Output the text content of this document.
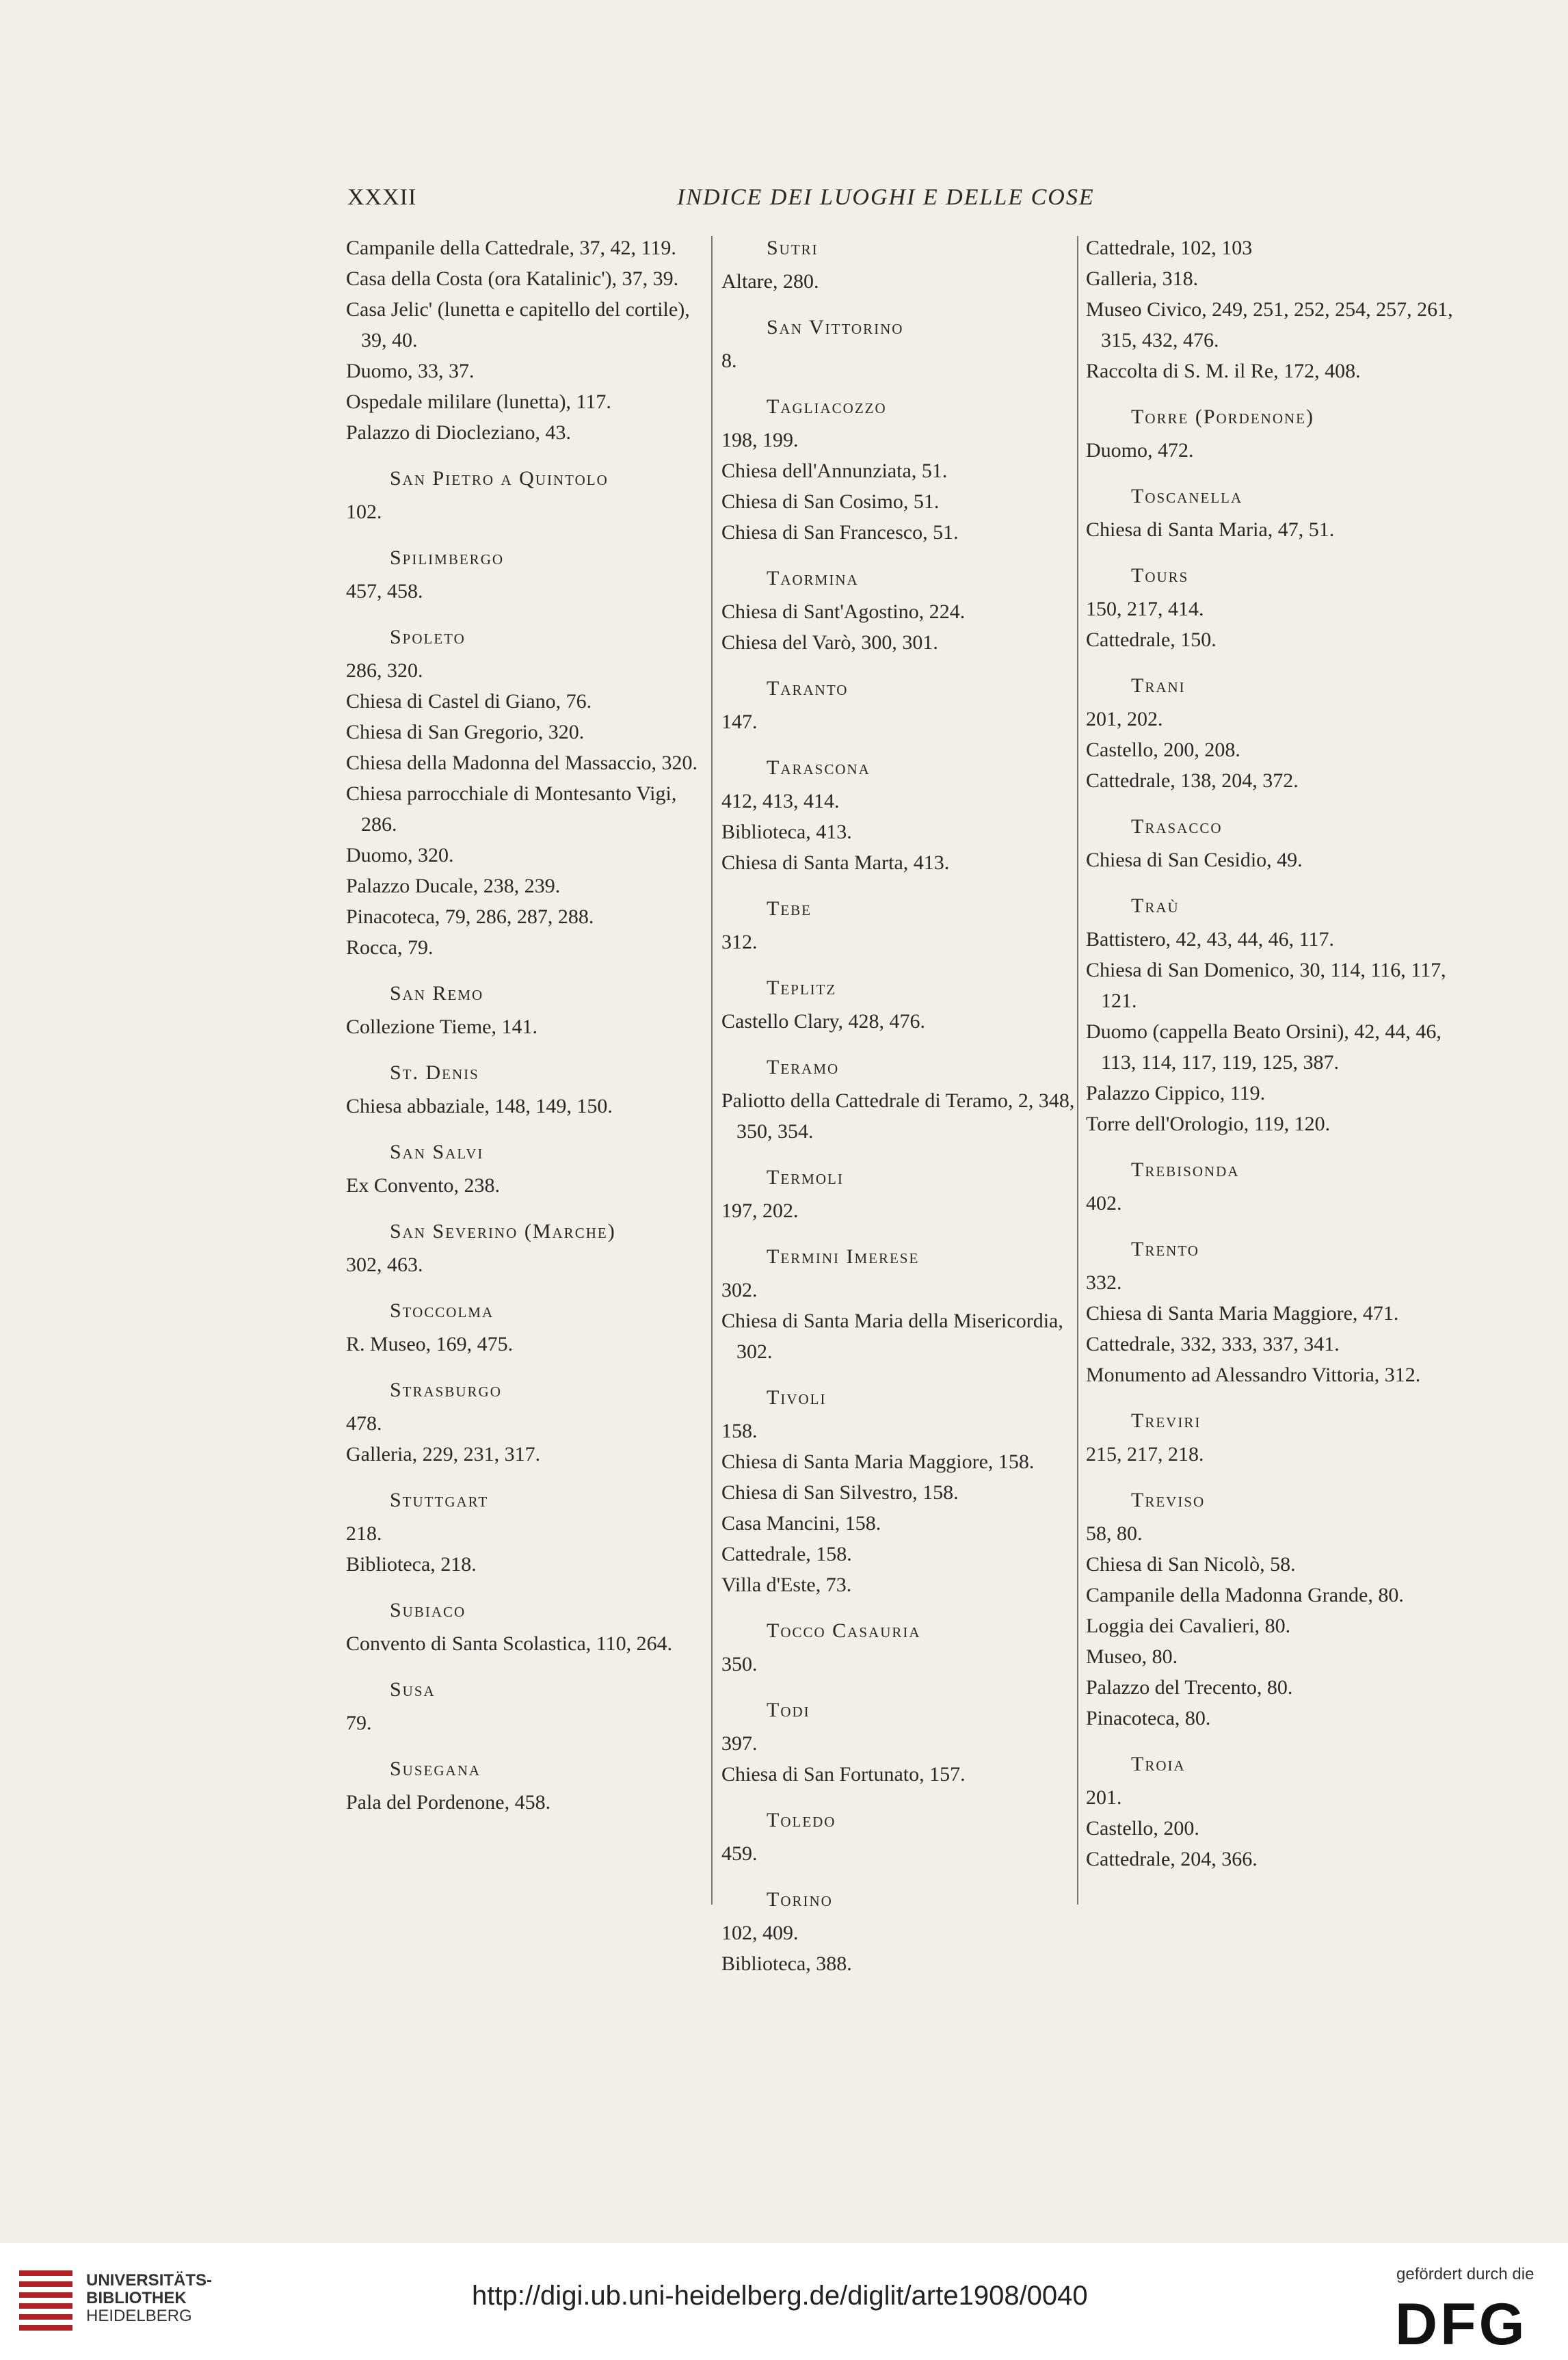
XXXII	INDICE DEI LUOGHI E DELLE COSE
Campanile della Cattedrale, 37, 42, 119.
Casa della Costa (ora Katalinic'), 37, 39.
Casa Jelic' (lunetta e capitello del cortile), 39, 40.
Duomo, 33, 37.
Ospedale mililare (lunetta), 117.
Palazzo di Diocleziano, 43.
San Pietro a Quintolo
102.
Spilimbergo
457, 458.
Spoleto
286, 320.
Chiesa di Castel di Giano, 76.
Chiesa di San Gregorio, 320.
Chiesa della Madonna del Massaccio, 320.
Chiesa parrocchiale di Montesanto Vigi, 286.
Duomo, 320.
Palazzo Ducale, 238, 239.
Pinacoteca, 79, 286, 287, 288.
Rocca, 79.
San Remo
Collezione Tieme, 141.
St. Denis
Chiesa abbaziale, 148, 149, 150.
San Salvi
Ex Convento, 238.
San Severino (Marche)
302, 463.
Stoccolma
R. Museo, 169, 475.
Strasburgo
478.
Galleria, 229, 231, 317.
Stuttgart
218.
Biblioteca, 218.
Subiaco
Convento di Santa Scolastica, 110, 264.
Susa
79.
Susegana
Pala del Pordenone, 458.
Sutri
Altare, 280.
San Vittorino
8.
Tagliacozzo
198, 199.
Chiesa dell'Annunziata, 51.
Chiesa di San Cosimo, 51.
Chiesa di San Francesco, 51.
Taormina
Chiesa di Sant'Agostino, 224.
Chiesa del Varò, 300, 301.
Taranto
147.
Tarascona
412, 413, 414.
Biblioteca, 413.
Chiesa di Santa Marta, 413.
Tebe
312.
Teplitz
Castello Clary, 428, 476.
Teramo
Paliotto della Cattedrale di Teramo, 2, 348, 350, 354.
Termoli
197, 202.
Termini Imerese
302.
Chiesa di Santa Maria della Misericordia, 302.
Tivoli
158.
Chiesa di Santa Maria Maggiore, 158.
Chiesa di San Silvestro, 158.
Casa Mancini, 158.
Cattedrale, 158.
Villa d'Este, 73.
Tocco Casauria
350.
Todi
397.
Chiesa di San Fortunato, 157.
Toledo
459.
Torino
102, 409.
Biblioteca, 388.
Cattedrale, 102, 103
Galleria, 318.
Museo Civico, 249, 251, 252, 254, 257, 261, 315, 432, 476.
Raccolta di S. M. il Re, 172, 408.
Torre (Pordenone)
Duomo, 472.
Toscanella
Chiesa di Santa Maria, 47, 51.
Tours
150, 217, 414.
Cattedrale, 150.
Trani
201, 202.
Castello, 200, 208.
Cattedrale, 138, 204, 372.
Trasacco
Chiesa di San Cesidio, 49.
Traù
Battistero, 42, 43, 44, 46, 117.
Chiesa di San Domenico, 30, 114, 116, 117, 121.
Duomo (cappella Beato Orsini), 42, 44, 46, 113, 114, 117, 119, 125, 387.
Palazzo Cippico, 119.
Torre dell'Orologio, 119, 120.
Trebisonda
402.
Trento
332.
Chiesa di Santa Maria Maggiore, 471.
Cattedrale, 332, 333, 337, 341.
Monumento ad Alessandro Vittoria, 312.
Treviri
215, 217, 218.
Treviso
58, 80.
Chiesa di San Nicolò, 58.
Campanile della Madonna Grande, 80.
Loggia dei Cavalieri, 80.
Museo, 80.
Palazzo del Trecento, 80.
Pinacoteca, 80.
Troia
201.
Castello, 200.
Cattedrale, 204, 366.
UNIVERSITÄTS-
BIBLIOTHEK
HEIDELBERG
http://digi.ub.uni-heidelberg.de/diglit/arte1908/0040
gefördert durch die
DFG
